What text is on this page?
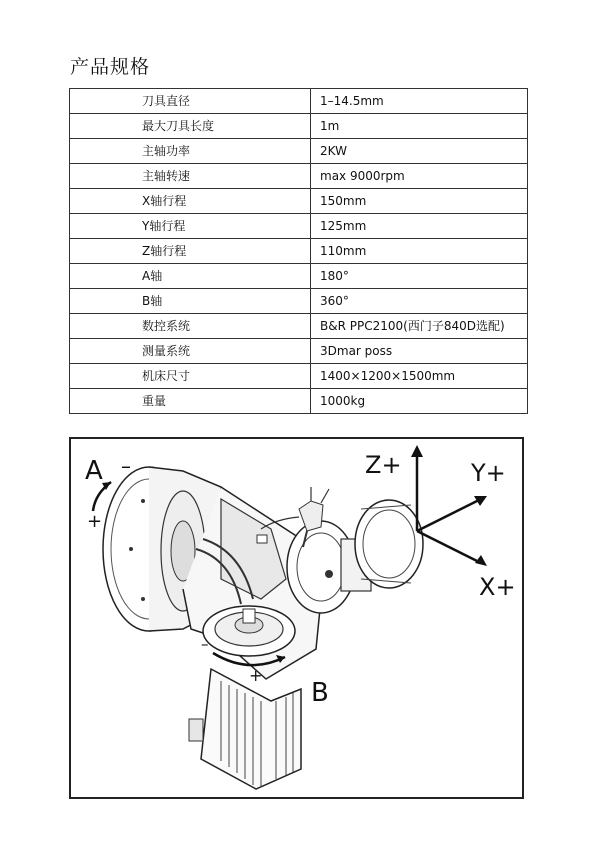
产品规格
刀具直径	1–14.5mm
最大刀具长度	1m
主轴功率	2KW
主轴转速	max 9000rpm
X轴行程	150mm
Y轴行程	125mm
Z轴行程	110mm
A轴	180°
B轴	360°
数控系统	B&R PPC2100(西门子840D选配)
测量系统	3Dmar poss
机床尺寸	1400×1200×1500mm
重量	1000kg
A –
+
–
+
B
Z+	Y+
X+
